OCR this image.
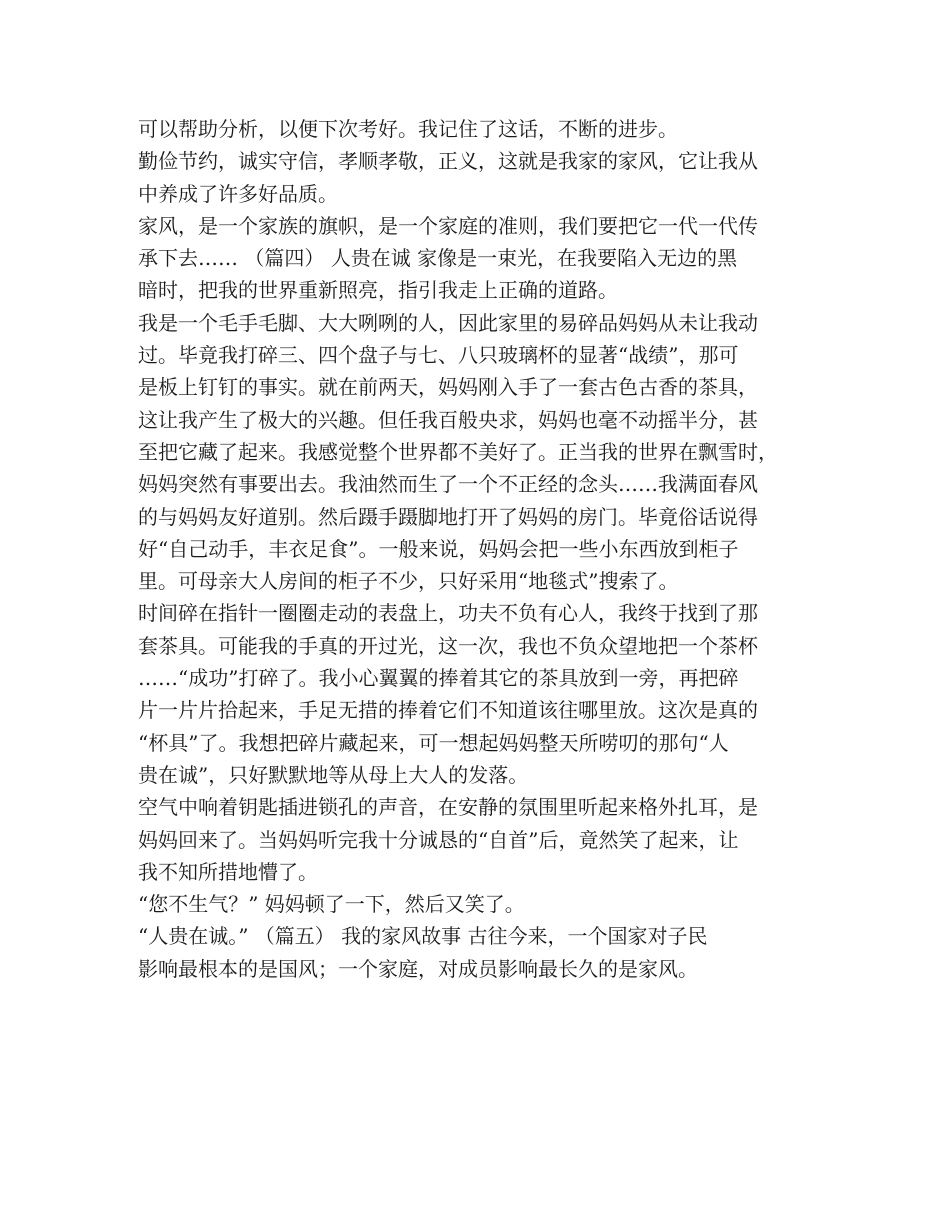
可以帮助分析，以便下次考好。我记住了这话，不断的进步。
勤俭节约，诚实守信，孝顺孝敬，正义，这就是我家的家风，它让我从
中养成了许多好品质。
家风，是一个家族的旗帜，是一个家庭的准则，我们要把它一代一代传
承下去…… （篇四） 人贵在诚 家像是一束光，在我要陷入无边的黑
暗时，把我的世界重新照亮，指引我走上正确的道路。
我是一个毛手毛脚、大大咧咧的人，因此家里的易碎品妈妈从未让我动
过。毕竟我打碎三、四个盘子与七、八只玻璃杯的显著“战绩”，那可
是板上钉钉的事实。就在前两天，妈妈刚入手了一套古色古香的茶具，
这让我产生了极大的兴趣。但任我百般央求，妈妈也毫不动摇半分，甚
至把它藏了起来。我感觉整个世界都不美好了。正当我的世界在飘雪时，
妈妈突然有事要出去。我油然而生了一个不正经的念头……我满面春风
的与妈妈友好道别。然后蹑手蹑脚地打开了妈妈的房门。毕竟俗话说得
好“自己动手，丰衣足食”。一般来说，妈妈会把一些小东西放到柜子
里。可母亲大人房间的柜子不少，只好采用“地毯式”搜索了。
时间碎在指针一圈圈走动的表盘上，功夫不负有心人，我终于找到了那
套茶具。可能我的手真的开过光，这一次，我也不负众望地把一个茶杯
……“成功”打碎了。我小心翼翼的捧着其它的茶具放到一旁，再把碎
片一片片拾起来，手足无措的捧着它们不知道该往哪里放。这次是真的
“杯具”了。我想把碎片藏起来，可一想起妈妈整天所唠叨的那句“人
贵在诚”，只好默默地等从母上大人的发落。
空气中响着钥匙插进锁孔的声音，在安静的氛围里听起来格外扎耳，是
妈妈回来了。当妈妈听完我十分诚恳的“自首”后，竟然笑了起来，让
我不知所措地懵了。
“您不生气？” 妈妈顿了一下，然后又笑了。
“人贵在诚。” （篇五） 我的家风故事 古往今来，一个国家对子民
影响最根本的是国风；一个家庭，对成员影响最长久的是家风。
